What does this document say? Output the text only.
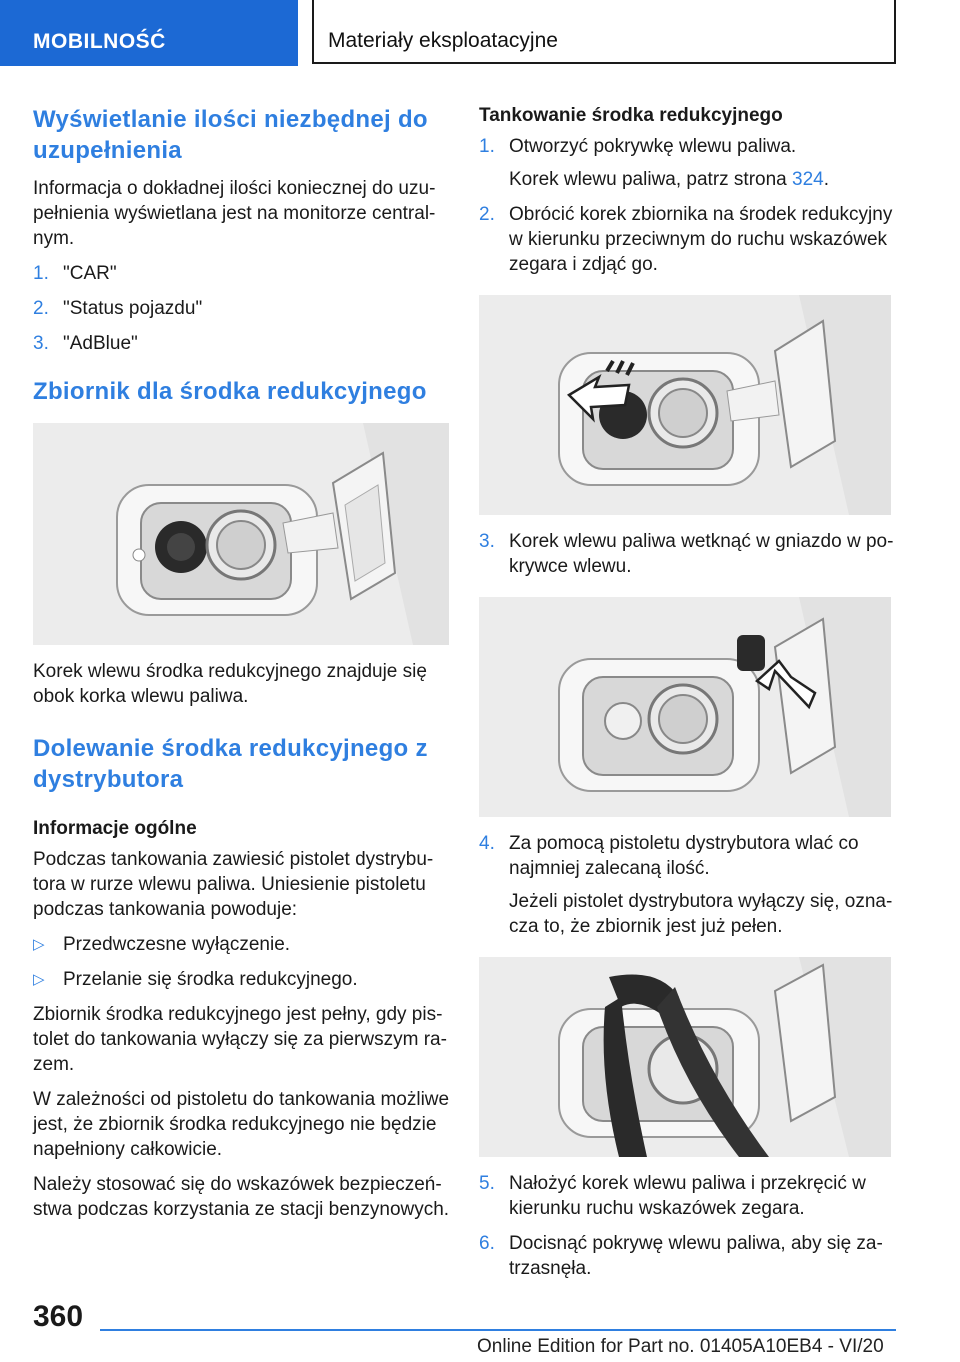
MOBILNOŚĆ	Materiały eksploatacyjne
Wyświetlanie ilości niezbędnej do uzupełnienia

Informacja o dokładnej ilości koniecznej do uzupełnienia wyświetlana jest na monitorze centralnym.

1. "CAR"
2. "Status pojazdu"
3. "AdBlue"
Zbiornik dla środka redukcyjnego

Korek wlewu środka redukcyjnego znajduje się obok korka wlewu paliwa.

Dolewanie środka redukcyjnego z dystrybutora
Informacje ogólne

Podczas tankowania zawiesić pistolet dystrybutora w rurze wlewu paliwa. Uniesienie pistoletu podczas tankowania powoduje:

▷ Przedwczesne wyłączenie.
▷ Przelanie się środka redukcyjnego.

Zbiornik środka redukcyjnego jest pełny, gdy pistolet do tankowania wyłączy się za pierwszym razem.

W zależności od pistoletu do tankowania możliwe jest, że zbiornik środka redukcyjnego nie będzie napełniony całkowicie.

Należy stosować się do wskazówek bezpieczeństwa podczas korzystania ze stacji benzynowych.

Tankowanie środka redukcyjnego
1. Otworzyć pokrywkę wlewu paliwa.
Korek wlewu paliwa, patrz strona 324.
2. Obrócić korek zbiornika na środek redukcyjny w kierunku przeciwnym do ruchu wskazówek zegara i zdjąć go.
3. Korek wlewu paliwa wetknąć w gniazdo w pokrywce wlewu.
4. Za pomocą pistoletu dystrybutora wlać co najmniej zalecaną ilość.
Jeżeli pistolet dystrybutora wyłączy się, oznacza to, że zbiornik jest już pełen.
5. Nałożyć korek wlewu paliwa i przekręcić w kierunku ruchu wskazówek zegara.
6. Docisnąć pokrywę wlewu paliwa, aby się zatrzasnęła.
360
Online Edition for Part no. 01405A10EB4 - VI/20
